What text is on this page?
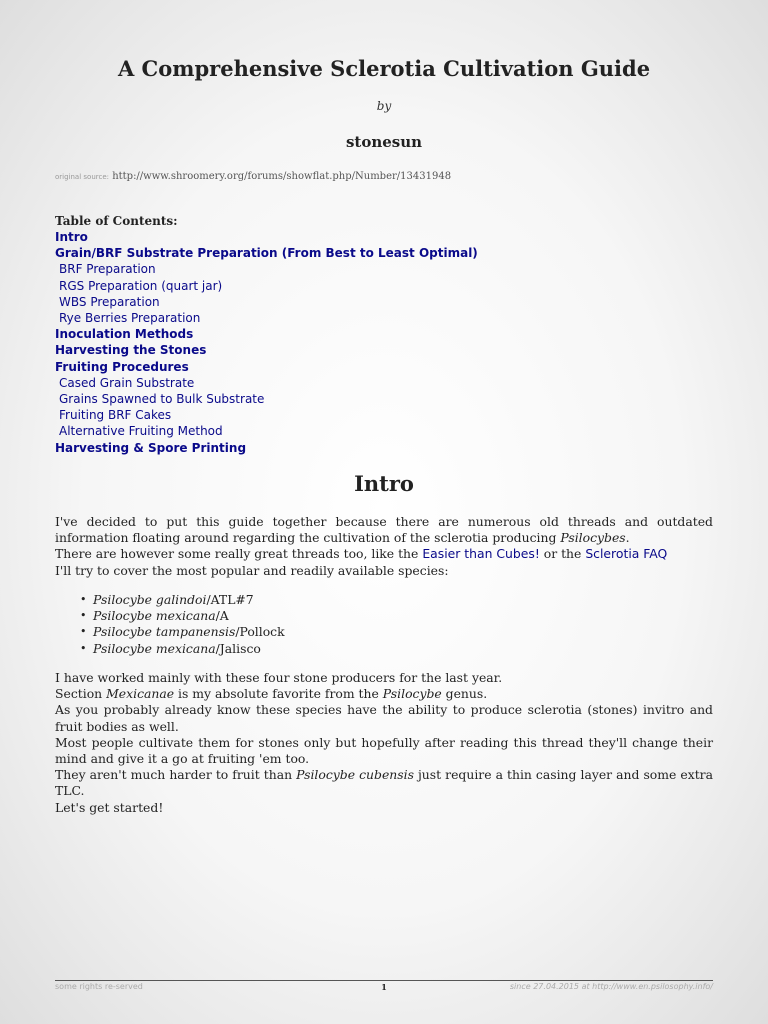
A Comprehensive Sclerotia Cultivation Guide
by
stonesun
original source: http://www.shroomery.org/forums/showflat.php/Number/13431948
Table of Contents:
Intro
Grain/BRF Substrate Preparation (From Best to Least Optimal)
BRF Preparation
RGS Preparation (quart jar)
WBS Preparation
Rye Berries Preparation
Inoculation Methods
Harvesting the Stones
Fruiting Procedures
Cased Grain Substrate
Grains Spawned to Bulk Substrate
Fruiting BRF Cakes
Alternative Fruiting Method
Harvesting & Spore Printing
Intro

I've decided to put this guide together because there are numerous old threads and outdated information floating around regarding the cultivation of the sclerotia producing Psilocybes.

There are however some really great threads too, like the Easier than Cubes! or the Sclerotia FAQ

I'll try to cover the most popular and readily available species:

• Psilocybe galindoi/ATL#7
• Psilocybe mexicana/A
• Psilocybe tampanensis/Pollock
• Psilocybe mexicana/Jalisco

I have worked mainly with these four stone producers for the last year.

Section Mexicanae is my absolute favorite from the Psilocybe genus.

As you probably already know these species have the ability to produce sclerotia (stones) invitro and fruit bodies as well.

Most people cultivate them for stones only but hopefully after reading this thread they'll change their mind and give it a go at fruiting 'em too.

They aren't much harder to fruit than Psilocybe cubensis just require a thin casing layer and some extra TLC.

Let's get started!

some rights re-served	1	since 27.04.2015 at http://www.en.psilosophy.info/
